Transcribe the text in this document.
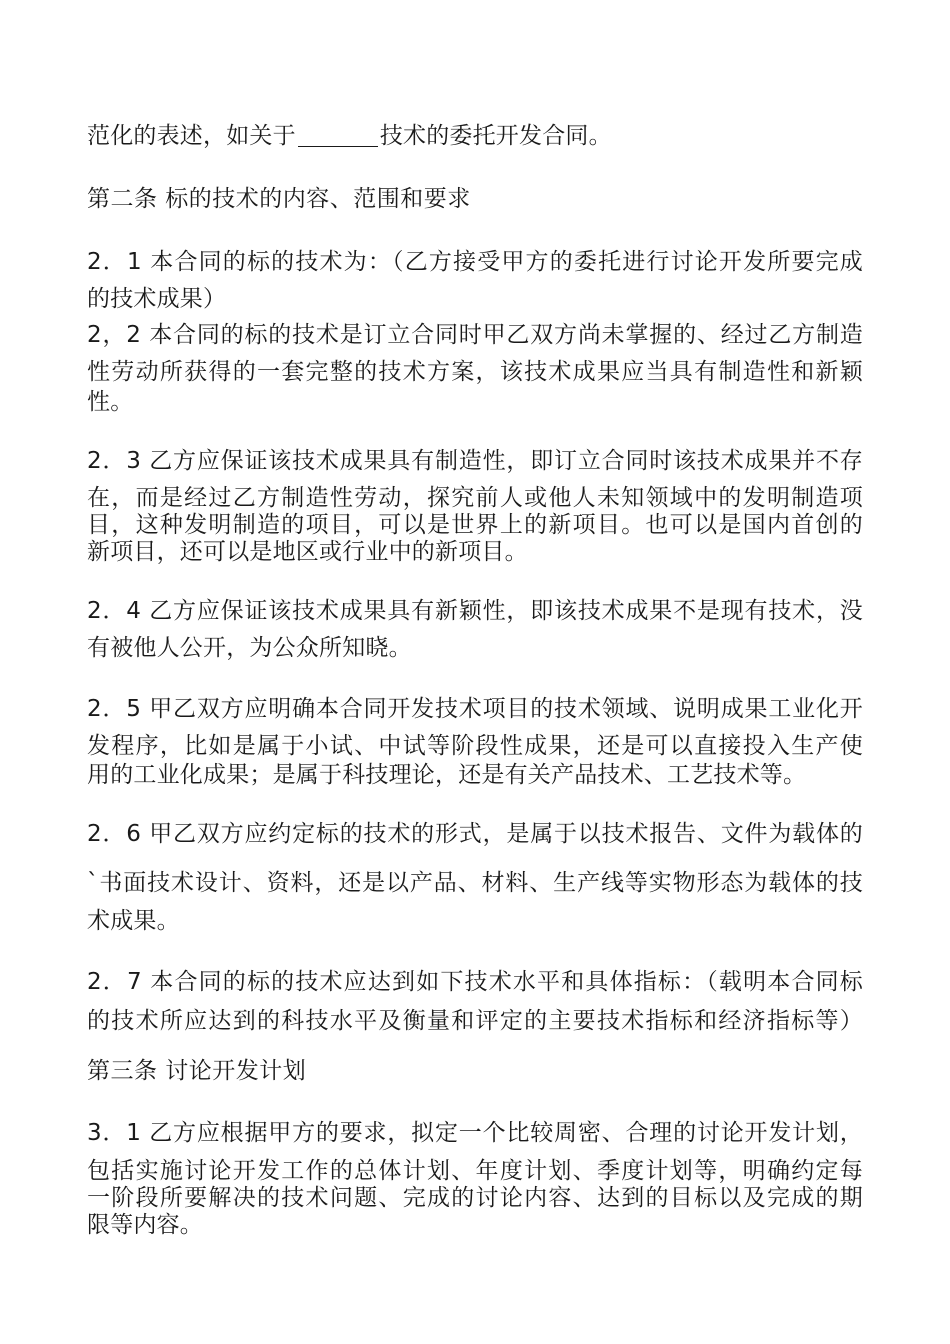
范化的表述，如关于	技术的委托开发合同。

第二条 标的技术的内容、范围和要求

2．1 本合同的标的技术为：（乙方接受甲方的委托进行讨论开发所要完成

的技术成果）

2，2 本合同的标的技术是订立合同时甲乙双方尚未掌握的、经过乙方制造

性劳动所获得的一套完整的技术方案，该技术成果应当具有制造性和新颖

性。

2．3 乙方应保证该技术成果具有制造性，即订立合同时该技术成果并不存

在，而是经过乙方制造性劳动，探究前人或他人未知领域中的发明制造项

目，这种发明制造的项目，可以是世界上的新项目。也可以是国内首创的

新项目，还可以是地区或行业中的新项目。

2．4 乙方应保证该技术成果具有新颖性，即该技术成果不是现有技术，没

有被他人公开，为公众所知晓。

2．5 甲乙双方应明确本合同开发技术项目的技术领域、说明成果工业化开

发程序，比如是属于小试、中试等阶段性成果，还是可以直接投入生产使

用的工业化成果；是属于科技理论，还是有关产品技术、工艺技术等。

2．6 甲乙双方应约定标的技术的形式，是属于以技术报告、文件为载体的

`书面技术设计、资料，还是以产品、材料、生产线等实物形态为载体的技

术成果。

2．7 本合同的标的技术应达到如下技术水平和具体指标：（载明本合同标

的技术所应达到的科技水平及衡量和评定的主要技术指标和经济指标等）

第三条 讨论开发计划

3．1 乙方应根据甲方的要求，拟定一个比较周密、合理的讨论开发计划，

包括实施讨论开发工作的总体计划、年度计划、季度计划等，明确约定每

一阶段所要解决的技术问题、完成的讨论内容、达到的目标以及完成的期

限等内容。
